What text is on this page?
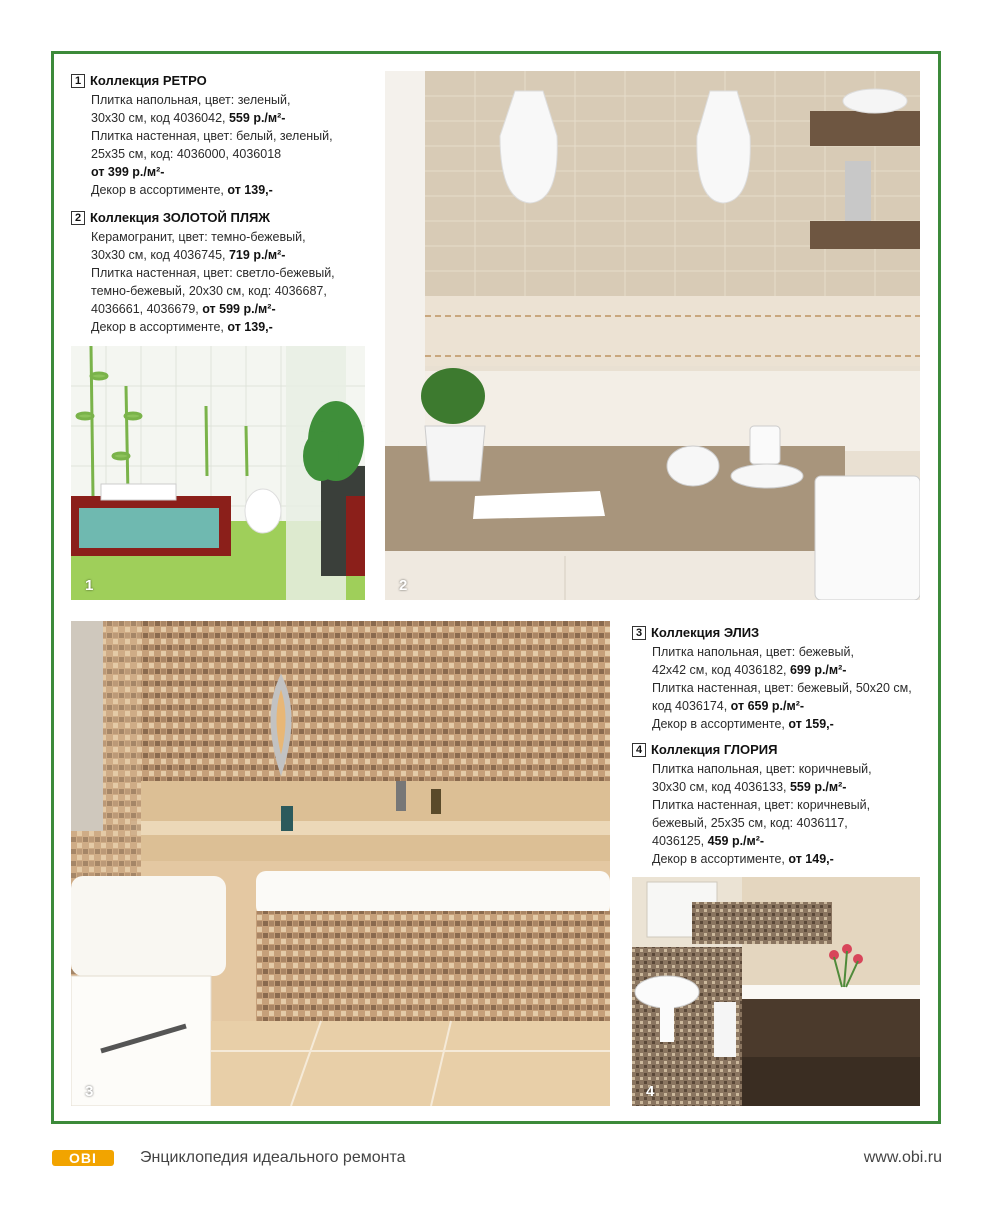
1 Коллекция РЕТРО
Плитка напольная, цвет: зеленый,
30х30 см, код 4036042, 559 р./м²-
Плитка настенная, цвет: белый, зеленый,
25х35 см, код: 4036000, 4036018
от 399 р./м²-
Декор в ассортименте, от 139,-
2 Коллекция ЗОЛОТОЙ ПЛЯЖ
Керамогранит, цвет: темно-бежевый,
30х30 см, код 4036745, 719 р./м²-
Плитка настенная, цвет: светло-бежевый,
темно-бежевый, 20х30 см, код: 4036687,
4036661, 4036679, от 599 р./м²-
Декор в ассортименте, от 139,-
3 Коллекция ЭЛИЗ
Плитка напольная, цвет: бежевый,
42х42 см, код 4036182, 699 р./м²-
Плитка настенная, цвет: бежевый, 50х20 см,
код 4036174, от 659 р./м²-
Декор в ассортименте, от 159,-
4 Коллекция ГЛОРИЯ
Плитка напольная, цвет: коричневый,
30х30 см, код 4036133, 559 р./м²-
Плитка настенная, цвет: коричневый,
бежевый, 25х35 см, код: 4036117,
4036125, 459 р./м²-
Декор в ассортименте, от 149,-
1	2
3	4
OBI	Энциклопедия идеального ремонта	www.obi.ru
